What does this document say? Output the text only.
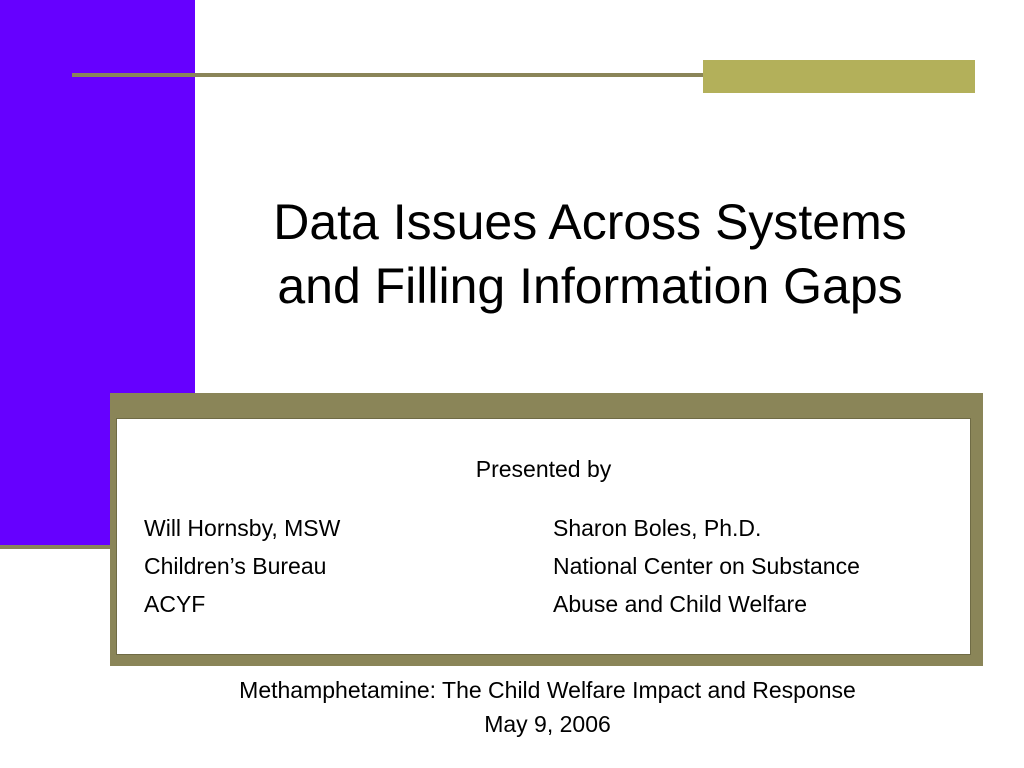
Data Issues Across Systems
and Filling Information Gaps
Presented by
Will Hornsby, MSW
Children’s Bureau
ACYF
Sharon Boles, Ph.D.
National Center on Substance
Abuse and Child Welfare
Methamphetamine: The Child Welfare Impact and Response
May 9, 2006
